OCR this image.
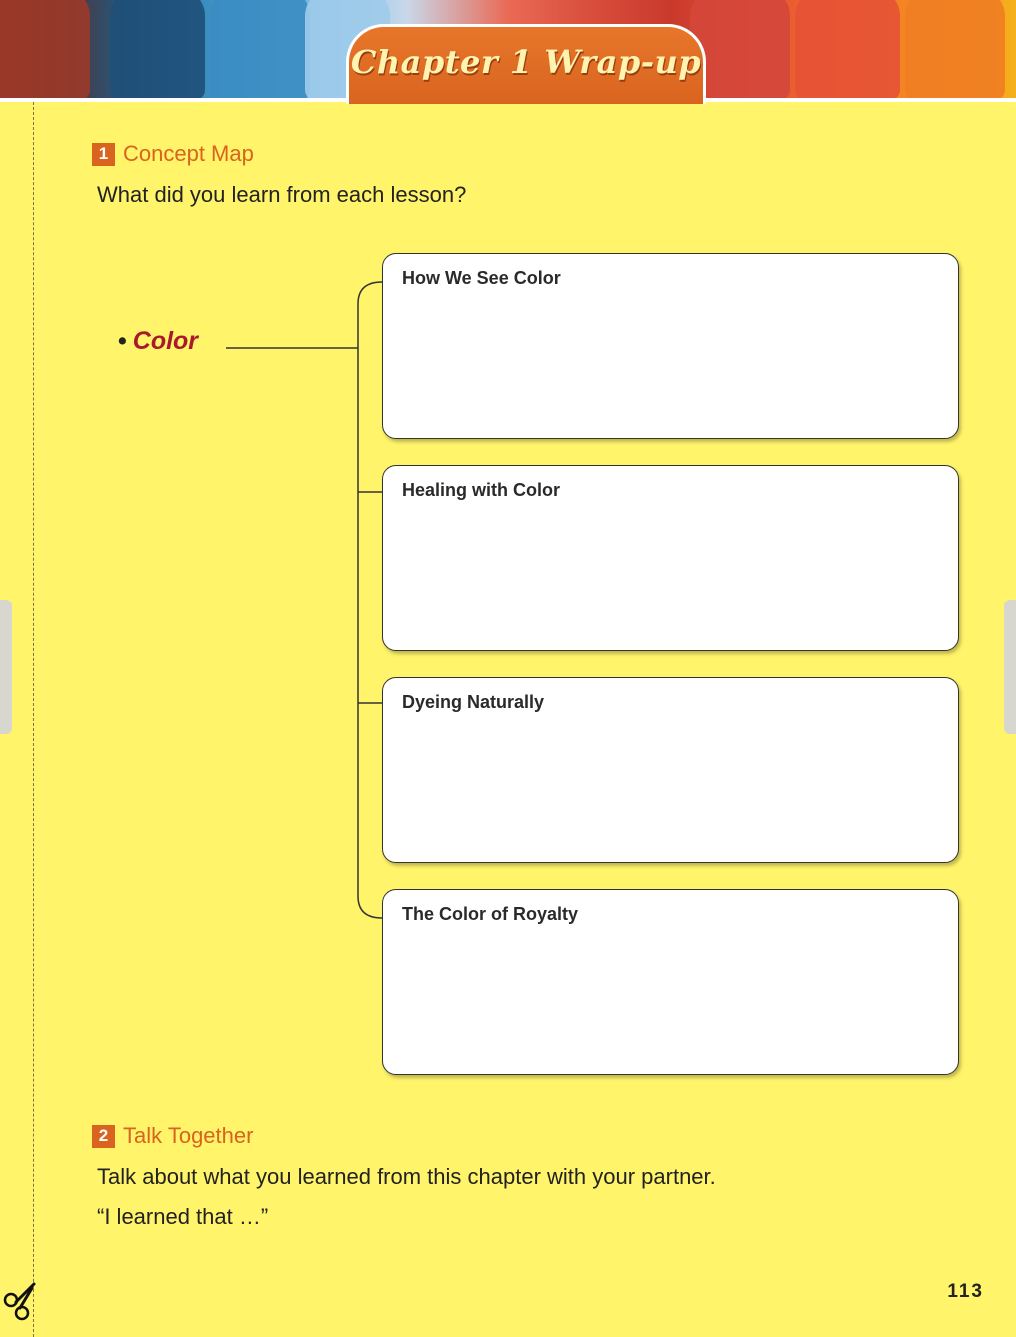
Chapter 1 Wrap-up
1 Concept Map
What did you learn from each lesson?
• Color
How We See Color
Healing with Color
Dyeing Naturally
The Color of Royalty
2 Talk Together
Talk about what you learned from this chapter with your partner.
“I learned that …”
113
